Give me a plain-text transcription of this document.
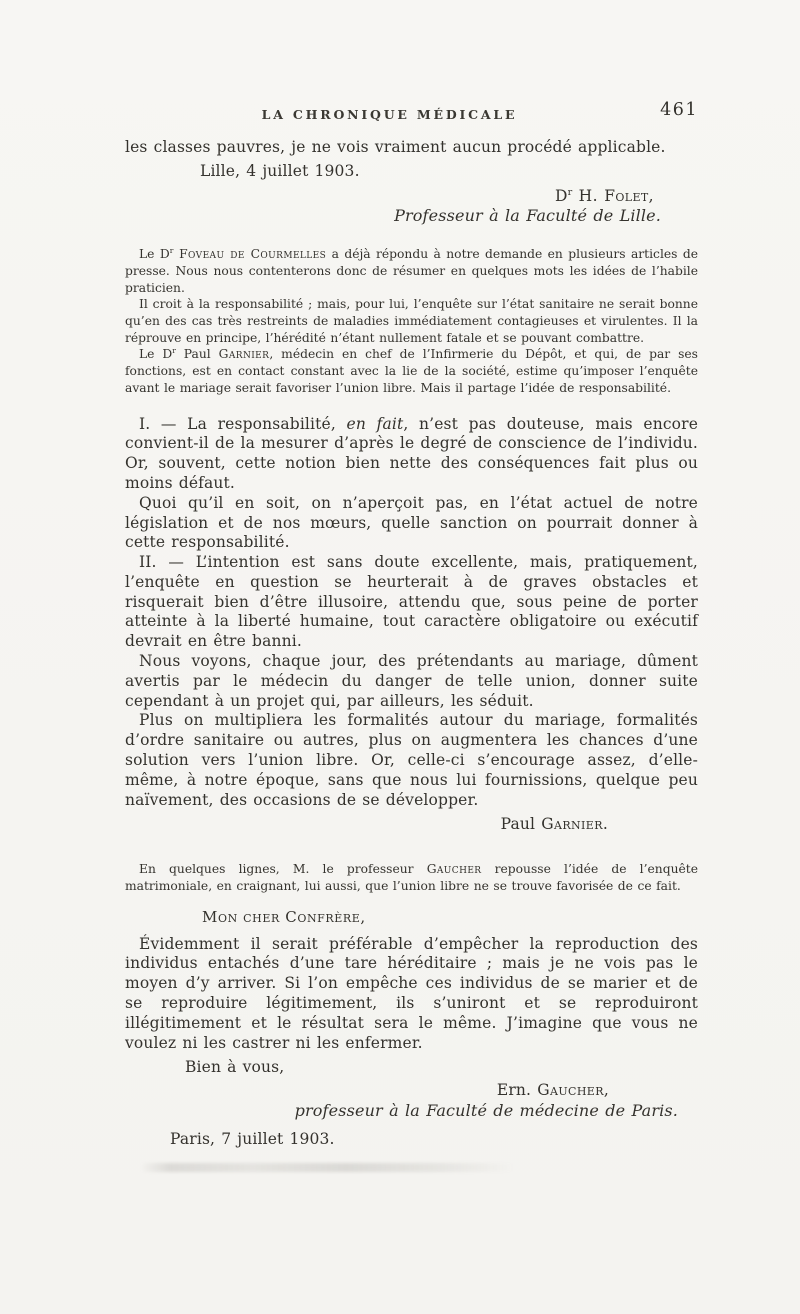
LA CHRONIQUE MÉDICALE	461

les classes pauvres, je ne vois vraiment aucun procédé applicable.

Lille, 4 juillet 1903.

$D^r$ H. Folet,

Professeur à la Faculté de Lille.

Le $D^r$ Foveau de Courmelles a déjà répondu à notre demande en plusieurs articles de presse. Nous nous contenterons donc de résumer en quelques mots les idées de l’habile praticien.

Il croit à la responsabilité ; mais, pour lui, l’enquête sur l’état sanitaire ne serait bonne qu’en des cas très restreints de maladies immédiatement contagieuses et virulentes. Il la réprouve en principe, l’hérédité n’étant nullement fatale et se pouvant combattre.

Le $D^r$ Paul Garnier, médecin en chef de l’Infirmerie du Dépôt, et qui, de par ses fonctions, est en contact constant avec la lie de la société, estime qu’imposer l’enquête avant le mariage serait favoriser l’union libre. Mais il partage l’idée de responsabilité.

I. — La responsabilité, en fait, n’est pas douteuse, mais encore convient-il de la mesurer d’après le degré de conscience de l’individu. Or, souvent, cette notion bien nette des conséquences fait plus ou moins défaut.

Quoi qu’il en soit, on n’aperçoit pas, en l’état actuel de notre législation et de nos mœurs, quelle sanction on pourrait donner à cette responsabilité.

II. — L’intention est sans doute excellente, mais, pratiquement, l’enquête en question se heurterait à de graves obstacles et risquerait bien d’être illusoire, attendu que, sous peine de porter atteinte à la liberté humaine, tout caractère obligatoire ou exécutif devrait en être banni.

Nous voyons, chaque jour, des prétendants au mariage, dûment avertis par le médecin du danger de telle union, donner suite cependant à un projet qui, par ailleurs, les séduit.

Plus on multipliera les formalités autour du mariage, formalités d’ordre sanitaire ou autres, plus on augmentera les chances d’une solution vers l’union libre. Or, celle-ci s’encourage assez, d’elle-même, à notre époque, sans que nous lui fournissions, quelque peu naïvement, des occasions de se développer.

Paul Garnier.

En quelques lignes, M. le professeur Gaucher repousse l’idée de l’enquête matrimoniale, en craignant, lui aussi, que l’union libre ne se trouve favorisée de ce fait.

Mon cher Confrère,

Évidemment il serait préférable d’empêcher la reproduction des individus entachés d’une tare héréditaire ; mais je ne vois pas le moyen d’y arriver. Si l’on empêche ces individus de se marier et de se reproduire légitimement, ils s’uniront et se reproduiront illégitimement et le résultat sera le même. J’imagine que vous ne voulez ni les castrer ni les enfermer.

Bien à vous,

Ern. Gaucher,

professeur à la Faculté de médecine de Paris.

Paris, 7 juillet 1903.
